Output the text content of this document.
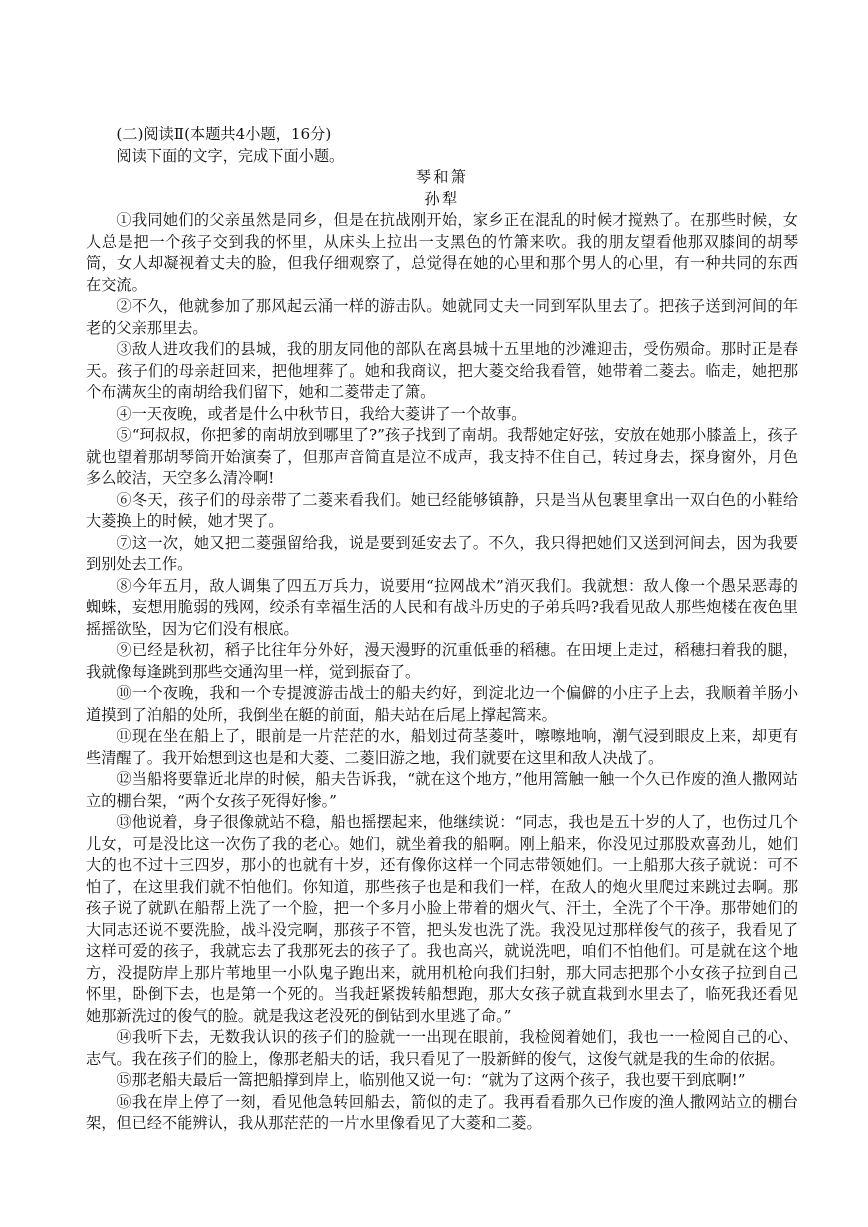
(二)阅读Ⅱ(本题共4小题，16分)

阅读下面的文字，完成下面小题。

琴和箫

孙犁

①我同她们的父亲虽然是同乡，但是在抗战刚开始，家乡正在混乱的时候才搅熟了。在那些时候，女人总是把一个孩子交到我的怀里，从床头上拉出一支黑色的竹箫来吹。我的朋友望看他那双膝间的胡琴筒，女人却凝视着丈夫的脸，但我仔细观察了，总觉得在她的心里和那个男人的心里，有一种共同的东西在交流。

②不久，他就参加了那风起云涌一样的游击队。她就同丈夫一同到军队里去了。把孩子送到河间的年老的父亲那里去。

③敌人进攻我们的县城，我的朋友同他的部队在离县城十五里地的沙滩迎击，受伤殒命。那时正是春天。孩子们的母亲赶回来，把他埋葬了。她和我商议，把大菱交给我看管，她带着二菱去。临走，她把那个布满灰尘的南胡给我们留下，她和二菱带走了箫。

④一天夜晚，或者是什么中秋节日，我给大菱讲了一个故事。

⑤“珂叔叔，你把爹的南胡放到哪里了?”孩子找到了南胡。我帮她定好弦，安放在她那小膝盖上，孩子就也望着那胡琴筒开始演奏了，但那声音简直是泣不成声，我支持不住自己，转过身去，探身窗外，月色多么皎洁，天空多么清冷啊!

⑥冬天，孩子们的母亲带了二菱来看我们。她已经能够镇静，只是当从包裹里拿出一双白色的小鞋给大菱换上的时候，她才哭了。

⑦这一次，她又把二菱强留给我，说是要到延安去了。不久，我只得把她们又送到河间去，因为我要到别处去工作。

⑧今年五月，敌人调集了四五万兵力，说要用“拉网战术”消灭我们。我就想：敌人像一个愚呆恶毒的蜘蛛，妄想用脆弱的残网，绞杀有幸福生活的人民和有战斗历史的子弟兵吗?我看见敌人那些炮楼在夜色里摇摇欲坠，因为它们没有根底。

⑨已经是秋初，稻子比往年分外好，漫天漫野的沉重低垂的稻穗。在田埂上走过，稻穗扫着我的腿，我就像每逢跳到那些交通沟里一样，觉到振奋了。

⑩一个夜晚，我和一个专提渡游击战士的船夫约好，到淀北边一个偏僻的小庄子上去，我顺着羊肠小道摸到了泊船的处所，我倒坐在艇的前面，船夫站在后尾上撑起篙来。

⑪现在坐在船上了，眼前是一片茫茫的水，船划过荷茎菱叶，嚓嚓地响，潮气浸到眼皮上来，却更有些清醒了。我开始想到这也是和大菱、二菱旧游之地，我们就要在这里和敌人决战了。

⑫当船将要靠近北岸的时候，船夫告诉我，“就在这个地方，”他用篙触一触一个久已作废的渔人撒网站立的棚台架，“两个女孩子死得好惨。”

⑬他说着，身子很像就站不稳，船也摇摆起来，他继续说：“同志，我也是五十岁的人了，也伤过几个儿女，可是没比这一次伤了我的老心。她们，就坐着我的船啊。刚上船来，你没见过那股欢喜劲儿，她们大的也不过十三四岁，那小的也就有十岁，还有像你这样一个同志带领她们。一上船那大孩子就说：可不怕了，在这里我们就不怕他们。你知道，那些孩子也是和我们一样，在敌人的炮火里爬过来跳过去啊。那孩子说了就趴在船帮上洗了一个脸，把一个多月小脸上带着的烟火气、汗土，全洗了个干净。那带她们的大同志还说不要洗脸，战斗没完啊，那孩子不管，把头发也洗了洗。我没见过那样俊气的孩子，我看见了这样可爱的孩子，我就忘去了我那死去的孩子了。我也高兴，就说洗吧，咱们不怕他们。可是就在这个地方，没提防岸上那片苇地里一小队鬼子跑出来，就用机枪向我们扫射，那大同志把那个小女孩子拉到自己怀里，卧倒下去，也是第一个死的。当我赶紧拨转船想跑，那大女孩子就直栽到水里去了，临死我还看见她那新洗过的俊气的脸。就是我这老没死的倒钻到水里逃了命。”

⑭我听下去，无数我认识的孩子们的脸就一一出现在眼前，我检阅着她们，我也一一检阅自己的心、志气。我在孩子们的脸上，像那老船夫的话，我只看见了一股新鲜的俊气，这俊气就是我的生命的依据。

⑮那老船夫最后一篙把船撑到岸上，临别他又说一句：“就为了这两个孩子，我也要干到底啊!”

⑯我在岸上停了一刻，看见他急转回船去，箭似的走了。我再看看那久已作废的渔人撒网站立的棚台架，但已经不能辨认，我从那茫茫的一片水里像看见了大菱和二菱。
